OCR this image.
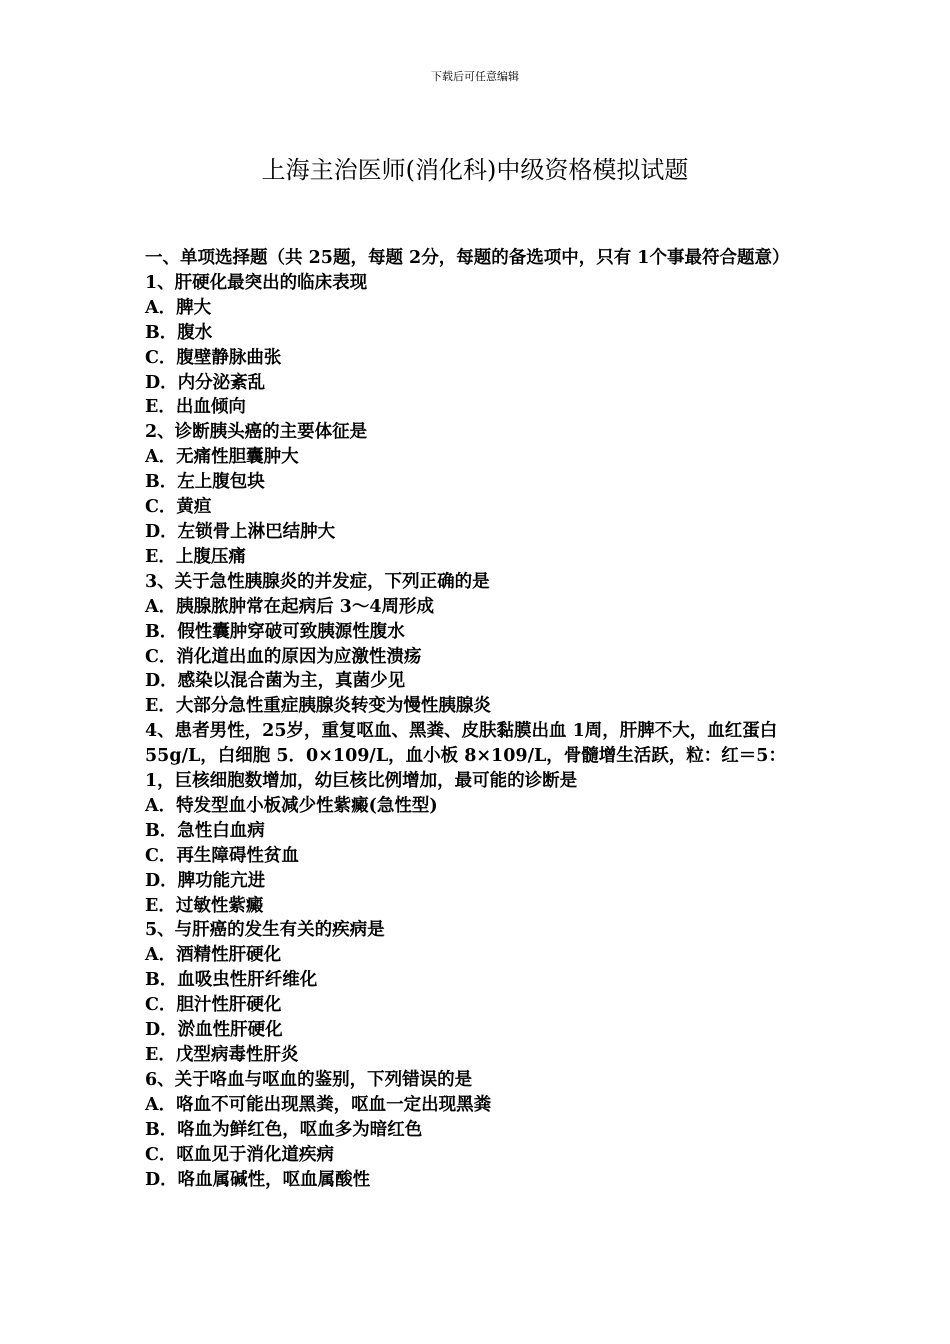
下载后可任意编辑
上海主治医师(消化科)中级资格模拟试题

一、单项选择题（共 25题，每题 2分，每题的备选项中，只有 1个事最符合题意）

1、肝硬化最突出的临床表现

A．脾大

B．腹水

C．腹壁静脉曲张

D．内分泌紊乱

E．出血倾向

2、诊断胰头癌的主要体征是

A．无痛性胆囊肿大

B．左上腹包块

C．黄疸

D．左锁骨上淋巴结肿大

E．上腹压痛

3、关于急性胰腺炎的并发症，下列正确的是

A．胰腺脓肿常在起病后 3～4周形成

B．假性囊肿穿破可致胰源性腹水

C．消化道出血的原因为应激性溃疡

D．感染以混合菌为主，真菌少见

E．大部分急性重症胰腺炎转变为慢性胰腺炎

4、患者男性，25岁，重复呕血、黑粪、皮肤黏膜出血 1周，肝脾不大，血红蛋白 55g/L，白细胞 5．0×109/L，血小板 8×109/L，骨髓增生活跃，粒：红＝5：1，巨核细胞数增加，幼巨核比例增加，最可能的诊断是

A．特发型血小板减少性紫癜(急性型)

B．急性白血病

C．再生障碍性贫血

D．脾功能亢进

E．过敏性紫癜

5、与肝癌的发生有关的疾病是

A．酒精性肝硬化

B．血吸虫性肝纤维化

C．胆汁性肝硬化

D．淤血性肝硬化

E．戊型病毒性肝炎

6、关于咯血与呕血的鉴别，下列错误的是

A．咯血不可能出现黑粪，呕血一定出现黑粪

B．咯血为鲜红色，呕血多为暗红色

C．呕血见于消化道疾病

D．咯血属碱性，呕血属酸性
